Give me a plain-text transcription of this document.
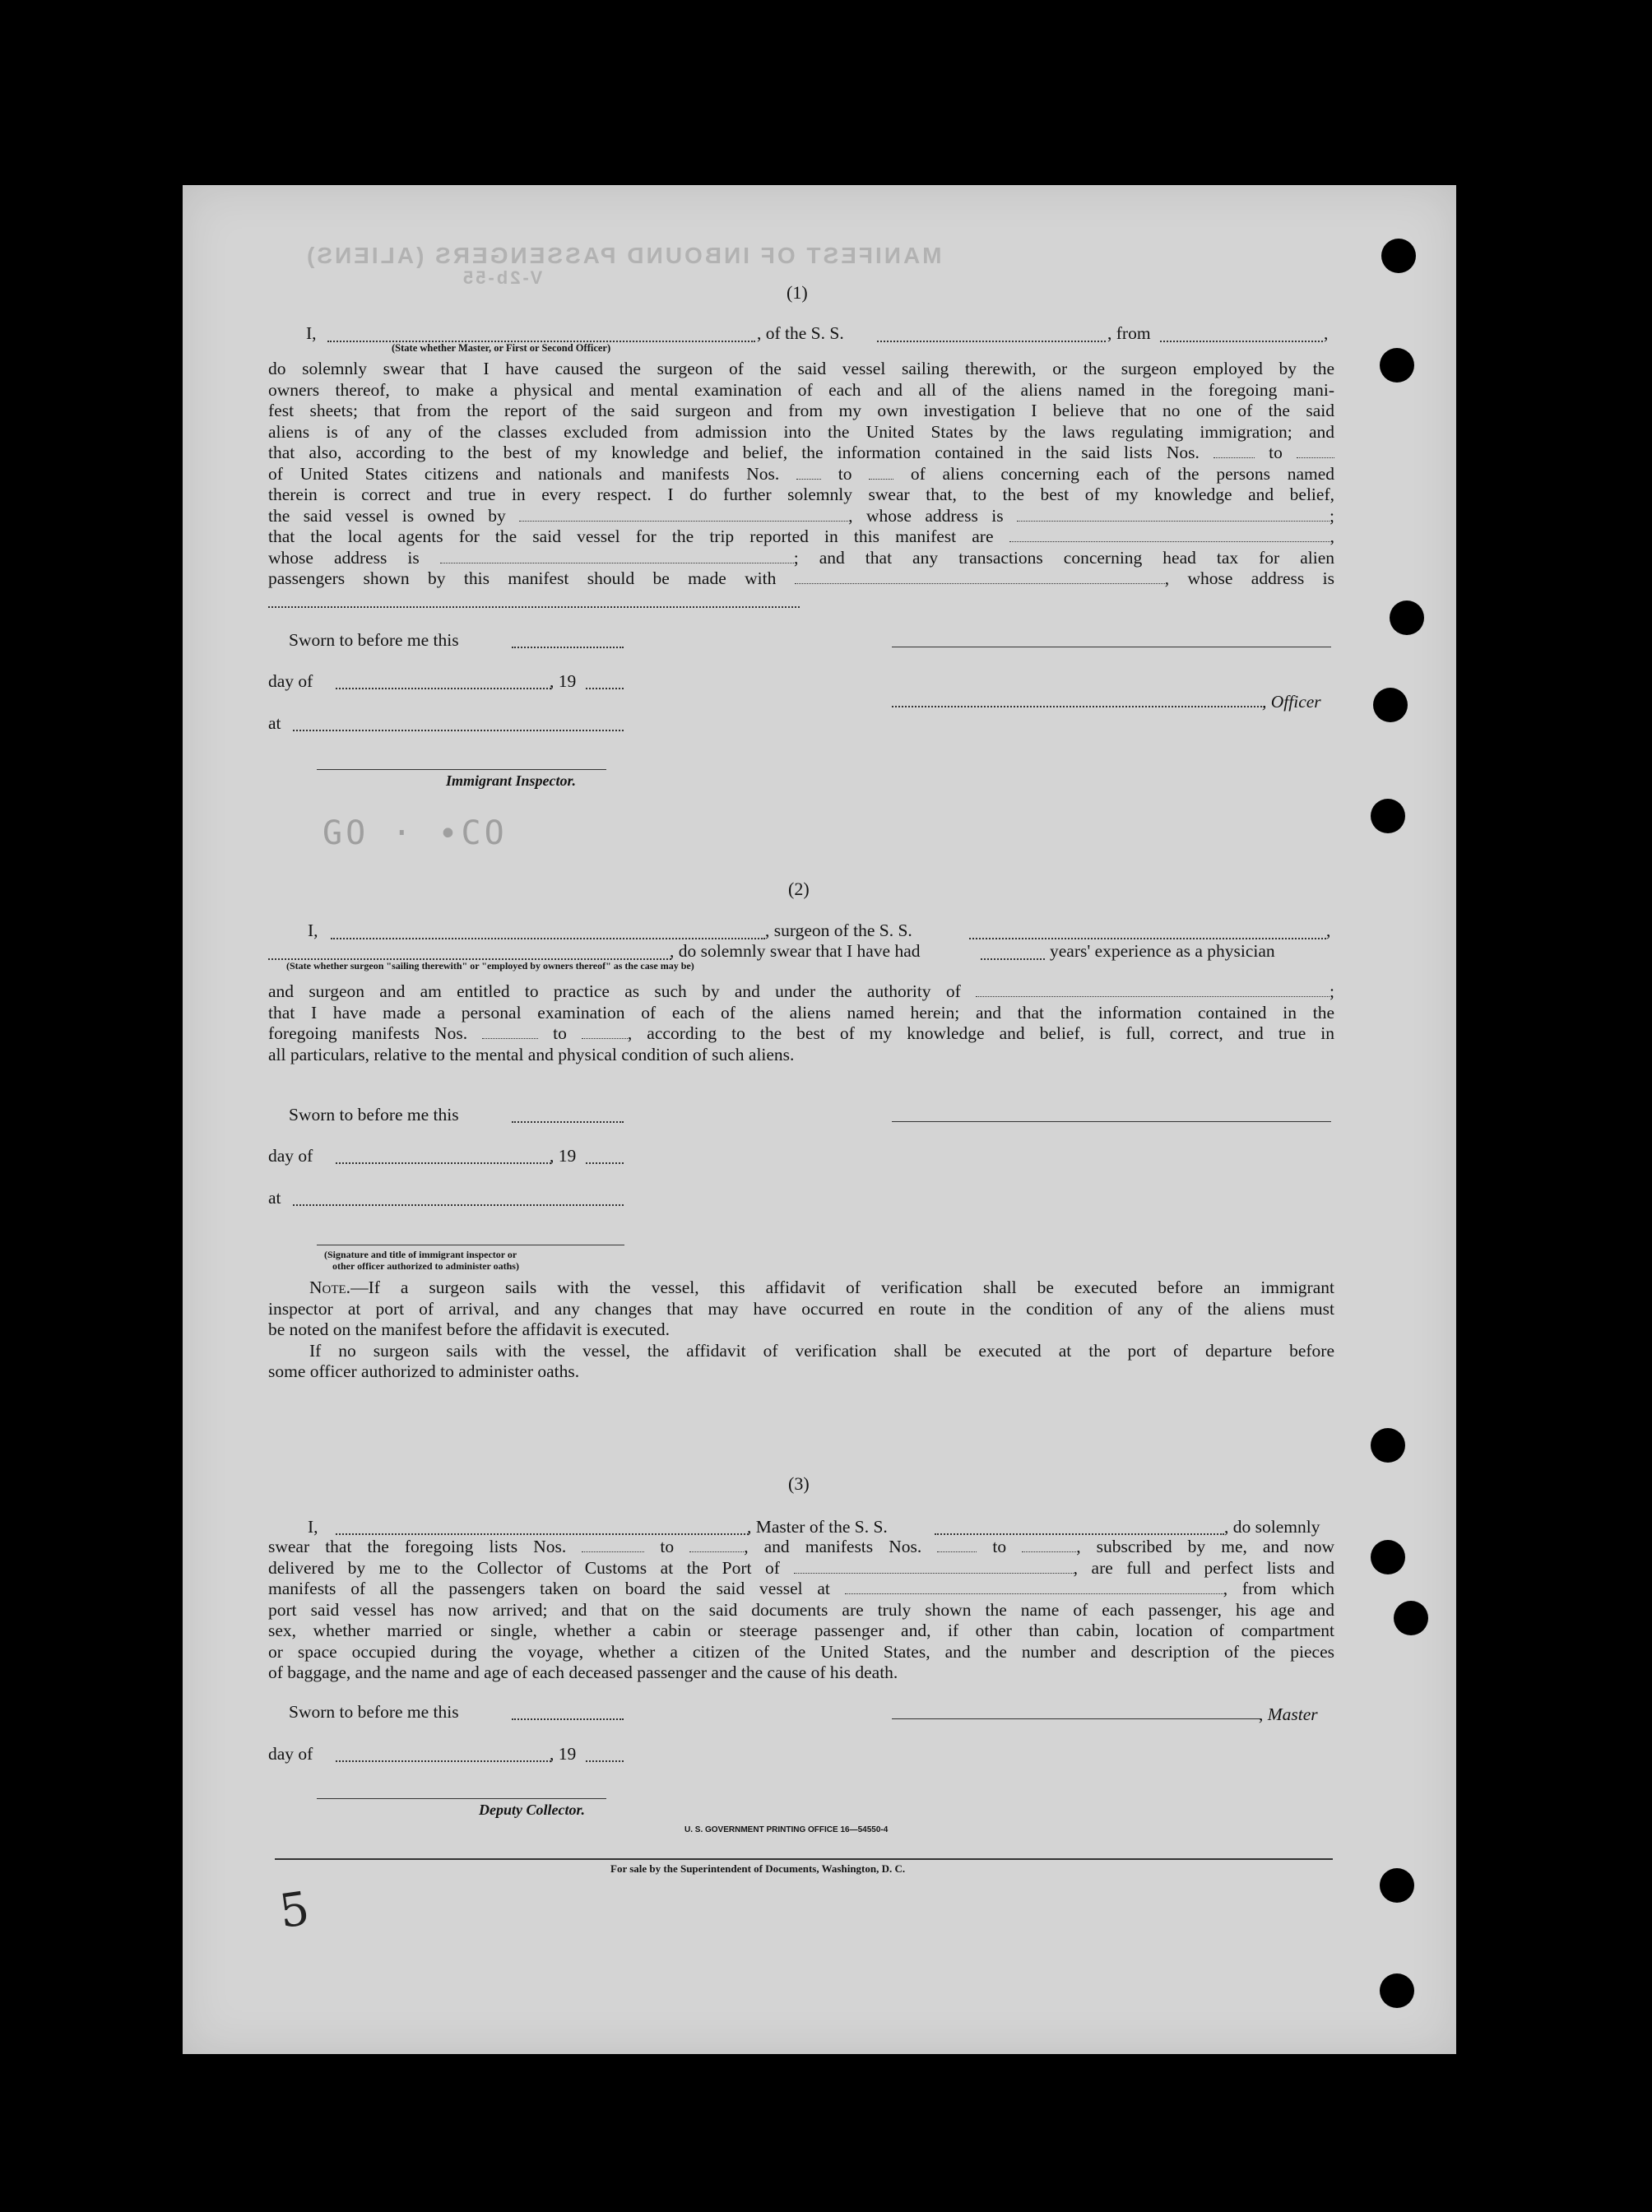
MANIFEST OF INBOUND PASSENGERS (ALIENS)
V-2b-55
GO · ∙CO
(1)
I,
(State whether Master, or First or Second Officer)
, of the S. S.	, from	,
do solemnly swear that I have caused the surgeon of the said vessel sailing therewith, or the surgeon employed by the
owners thereof, to make a physical and mental examination of each and all of the aliens named in the foregoing mani-
fest sheets; that from the report of the said surgeon and from my own investigation I believe that no one of the said
aliens is of any of the classes excluded from admission into the United States by the laws regulating immigration; and
that also, according to the best of my knowledge and belief, the information contained in the said lists Nos.	to
of United States citizens and nationals and manifests Nos.	to	of aliens concerning each of the persons named
therein is correct and true in every respect. I do further solemnly swear that, to the best of my knowledge and belief,
the said vessel is owned by	, whose address is	;
that the local agents for the said vessel for the trip reported in this manifest are	,
whose address is	; and that any transactions concerning head tax for alien
passengers shown by this manifest should be made with	, whose address is
Sworn to before me this
day of	, 19
, Officer
at
Immigrant Inspector.
(2)
I,	, surgeon of the S. S.	,
, do solemnly swear that I have had	years' experience as a physician
(State whether surgeon "sailing therewith" or "employed by owners thereof" as the case may be)
and surgeon and am entitled to practice as such by and under the authority of	;
that I have made a personal examination of each of the aliens named herein; and that the information contained in the
foregoing manifests Nos.	to	, according to the best of my knowledge and belief, is full, correct, and true in
all particulars, relative to the mental and physical condition of such aliens.
Sworn to before me this
day of	, 19
at
(Signature and title of immigrant inspector or
other officer authorized to administer oaths)
Note.—If a surgeon sails with the vessel, this affidavit of verification shall be executed before an immigrant
inspector at port of arrival, and any changes that may have occurred en route in the condition of any of the aliens must
be noted on the manifest before the affidavit is executed.
If no surgeon sails with the vessel, the affidavit of verification shall be executed at the port of departure before
some officer authorized to administer oaths.
(3)
I,	, Master of the S. S.	, do solemnly
swear that the foregoing lists Nos.	to	, and manifests Nos.	to	, subscribed by me, and now
delivered by me to the Collector of Customs at the Port of	, are full and perfect lists and
manifests of all the passengers taken on board the said vessel at	, from which
port said vessel has now arrived; and that on the said documents are truly shown the name of each passenger, his age and
sex, whether married or single, whether a cabin or steerage passenger and, if other than cabin, location of compartment
or space occupied during the voyage, whether a citizen of the United States, and the number and description of the pieces
of baggage, and the name and age of each deceased passenger and the cause of his death.
Sworn to before me this	, Master
day of	, 19
Deputy Collector.
U. S. GOVERNMENT PRINTING OFFICE 16—54550-4
For sale by the Superintendent of Documents, Washington, D. C.
5
